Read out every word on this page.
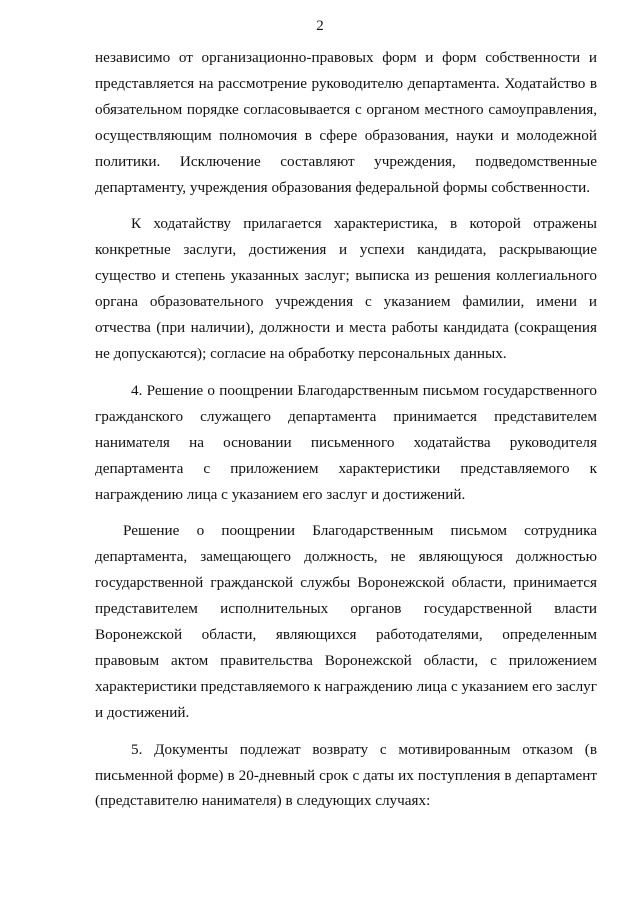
2

независимо от организационно-правовых форм и форм собственности и представляется на рассмотрение руководителю департамента. Ходатайство в обязательном порядке согласовывается с органом местного самоуправления, осуществляющим полномочия в сфере образования, науки и молодежной политики. Исключение составляют учреждения, подведомственные департаменту, учреждения образования федеральной формы собственности.

К ходатайству прилагается характеристика, в которой отражены конкретные заслуги, достижения и успехи кандидата, раскрывающие существо и степень указанных заслуг; выписка из решения коллегиального органа образовательного учреждения с указанием фамилии, имени и отчества (при наличии), должности и места работы кандидата (сокращения не допускаются); согласие на обработку персональных данных.

4. Решение о поощрении Благодарственным письмом государственного гражданского служащего департамента принимается представителем нанимателя на основании письменного ходатайства руководителя департамента с приложением характеристики представляемого к награждению лица с указанием его заслуг и достижений.

Решение о поощрении Благодарственным письмом сотрудника департамента, замещающего должность, не являющуюся должностью государственной гражданской службы Воронежской области, принимается представителем исполнительных органов государственной власти Воронежской области, являющихся работодателями, определенным правовым актом правительства Воронежской области, с приложением характеристики представляемого к награждению лица с указанием его заслуг и достижений.

5. Документы подлежат возврату с мотивированным отказом (в письменной форме) в 20-дневный срок с даты их поступления в департамент (представителю нанимателя) в следующих случаях:
